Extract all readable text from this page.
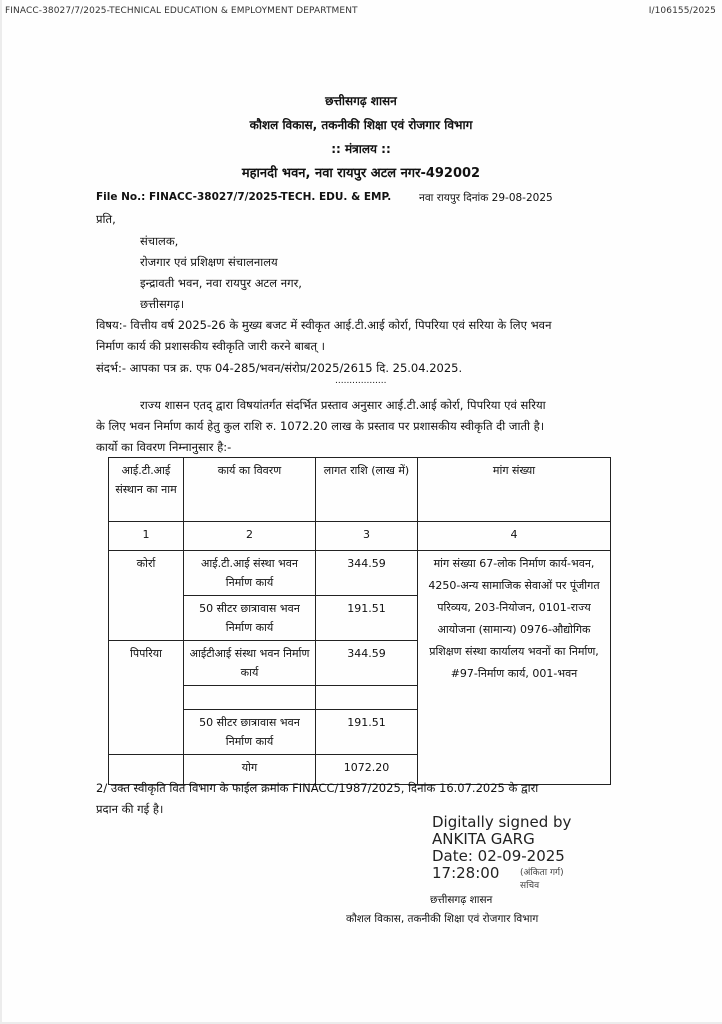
FINACC-38027/7/2025-TECHNICAL EDUCATION & EMPLOYMENT DEPARTMENT	I/106155/2025
छत्तीसगढ़ शासन
कौशल विकास, तकनीकी शिक्षा एवं रोजगार विभाग
:: मंत्रालय ::
महानदी भवन, नवा रायपुर अटल नगर-492002
File No.: FINACC-38027/7/2025-TECH. EDU. & EMP.	नवा रायपुर दिनांक 29-08-2025
प्रति,
संचालक,
रोजगार एवं प्रशिक्षण संचालनालय
इन्द्रावती भवन, नवा रायपुर अटल नगर,
छत्तीसगढ़।
विषय:- वित्तीय वर्ष 2025-26 के मुख्य बजट में स्वीकृत आई.टी.आई कोर्रा, पिपरिया एवं सरिया के लिए भवन
निर्माण कार्य की प्रशासकीय स्वीकृति जारी करने बाबत् ।
संदर्भ:- आपका पत्र क्र. एफ 04-285/भवन/संरोप्र/2025/2615 दि. 25.04.2025.
..................
राज्य शासन एतद् द्वारा विषयांतर्गत संदर्भित प्रस्ताव अनुसार आई.टी.आई कोर्रा, पिपरिया एवं सरिया
के लिए भवन निर्माण कार्य हेतु कुल राशि रु. 1072.20 लाख के प्रस्ताव पर प्रशासकीय स्वीकृति दी जाती है।
कार्यो का विवरण निम्नानुसार है:-
आई.टी.आई संस्थान का नाम	कार्य का विवरण	लागत राशि (लाख में)	मांग संख्या
1	2	3	4
कोर्रा	आई.टी.आई संस्था भवन निर्माण कार्य	344.59	मांग संख्या 67-लोक निर्माण कार्य-भवन, 4250-अन्य सामाजिक सेवाओं पर पूंजीगत परिव्यय, 203-नियोजन, 0101-राज्य आयोजना (सामान्य) 0976-औद्योगिक प्रशिक्षण संस्था कार्यालय भवनों का निर्माण, #97-निर्माण कार्य, 001-भवन
	50 सीटर छात्रावास भवन निर्माण कार्य	191.51	
पिपरिया	आईटीआई संस्था भवन निर्माण कार्य	344.59	

	50 सीटर छात्रावास भवन निर्माण कार्य	191.51	
	योग	1072.20	
2/ उक्त स्वीकृति वित विभाग के फाईल क्रमांक FINACC/1987/2025, दिनांक 16.07.2025 के द्वारा
प्रदान की गई है।
Digitally signed by
ANKITA GARG
Date: 02-09-2025
17:28:00 (अंकिता गर्ग)
सचिव
छत्तीसगढ़ शासन
कौशल विकास, तकनीकी शिक्षा एवं रोजगार विभाग
